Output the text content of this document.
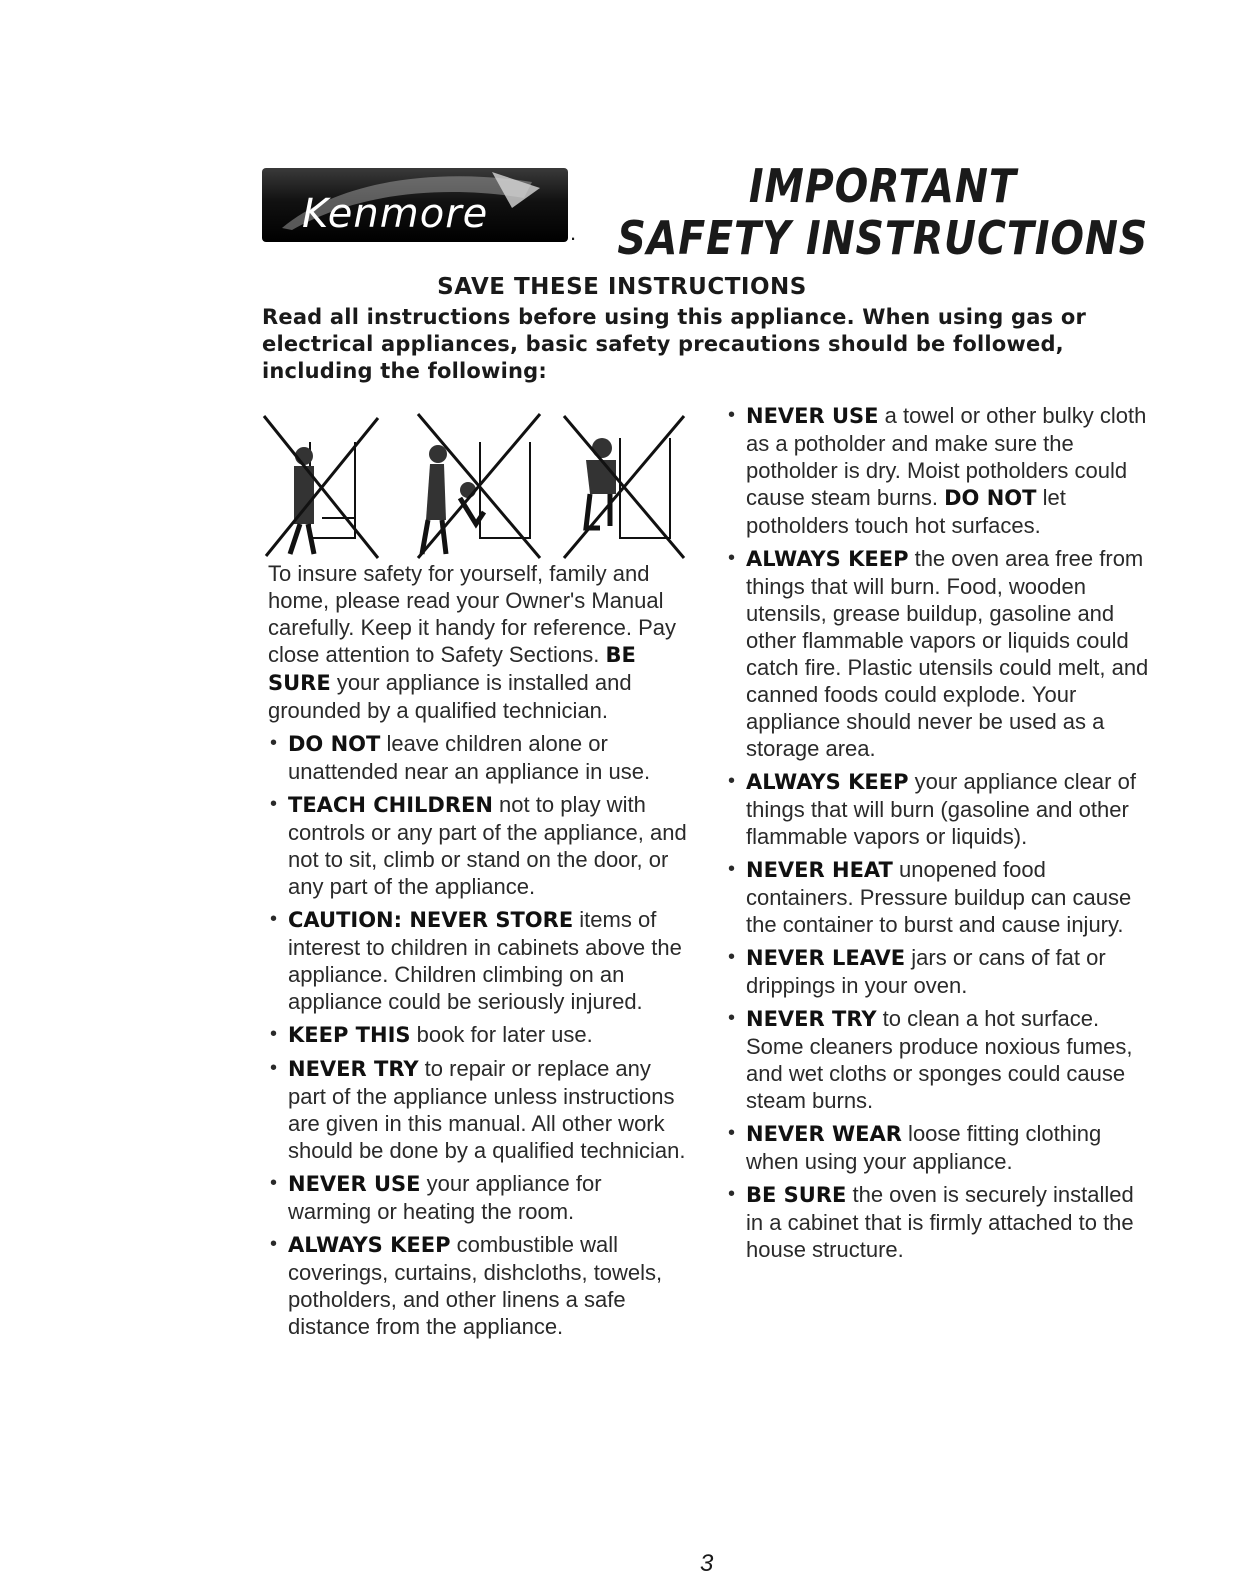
Kenmore	.
IMPORTANT
SAFETY INSTRUCTIONS
SAVE THESE INSTRUCTIONS
Read all instructions before using this appliance. When using gas or electrical appliances, basic safety precautions should be followed, including the following:

To insure safety for yourself, family and home, please read your Owner's Manual carefully. Keep it handy for reference. Pay close attention to Safety Sections. BE SURE your appliance is installed and grounded by a qualified technician.

• DO NOT leave children alone or unattended near an appliance in use.
• TEACH CHILDREN not to play with controls or any part of the appliance, and not to sit, climb or stand on the door, or any part of the appliance.
• CAUTION: NEVER STORE items of interest to children in cabinets above the appliance. Children climbing on an appliance could be seriously injured.
• KEEP THIS book for later use.
• NEVER TRY to repair or replace any part of the appliance unless instructions are given in this manual. All other work should be done by a qualified technician.
• NEVER USE your appliance for warming or heating the room.
• ALWAYS KEEP combustible wall coverings, curtains, dishcloths, towels, potholders, and other linens a safe distance from the appliance.
• NEVER USE a towel or other bulky cloth as a potholder and make sure the potholder is dry. Moist potholders could cause steam burns. DO NOT let potholders touch hot surfaces.
• ALWAYS KEEP the oven area free from things that will burn. Food, wooden utensils, grease buildup, gasoline and other flammable vapors or liquids could catch fire. Plastic utensils could melt, and canned foods could explode. Your appliance should never be used as a storage area.
• ALWAYS KEEP your appliance clear of things that will burn (gasoline and other flammable vapors or liquids).
• NEVER HEAT unopened food containers. Pressure buildup can cause the container to burst and cause injury.
• NEVER LEAVE jars or cans of fat or drippings in your oven.
• NEVER TRY to clean a hot surface. Some cleaners produce noxious fumes, and wet cloths or sponges could cause steam burns.
• NEVER WEAR loose fitting clothing when using your appliance.
• BE SURE the oven is securely installed in a cabinet that is firmly attached to the house structure.
3
